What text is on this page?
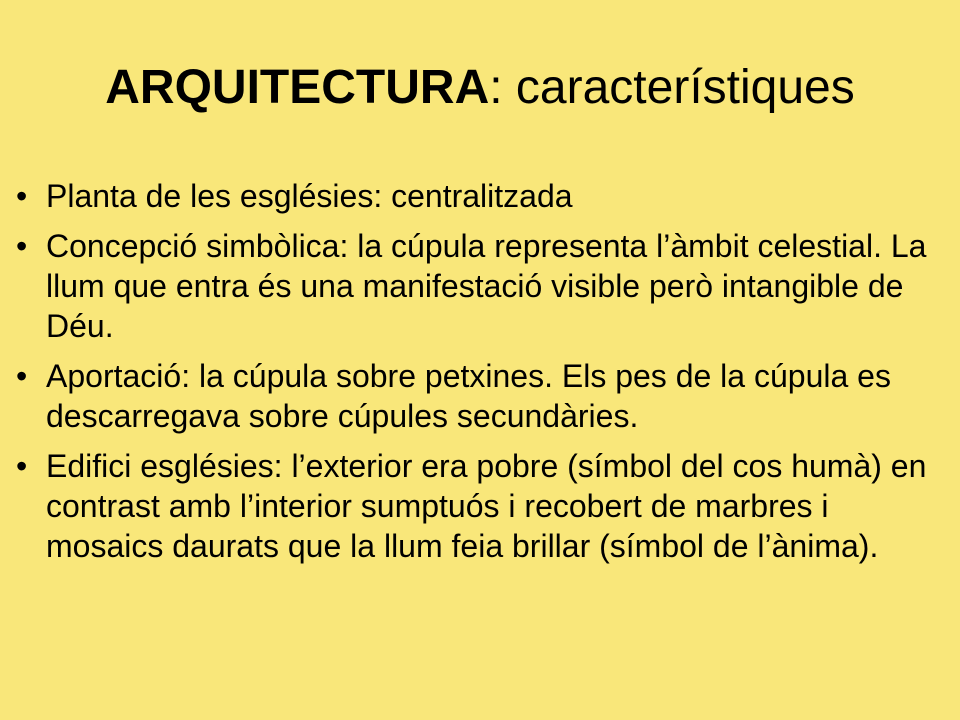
ARQUITECTURA: característiques
• Planta de les esglésies: centralitzada
• Concepció simbòlica: la cúpula representa l’àmbit celestial. La llum que entra és una manifestació visible però intangible de Déu.
• Aportació: la cúpula sobre petxines. Els pes de la cúpula es descarregava sobre cúpules secundàries.
• Edifici esglésies: l’exterior era pobre (símbol del cos humà) en contrast amb l’interior sumptuós i recobert de marbres i mosaics daurats que la llum feia brillar (símbol de l’ànima).
